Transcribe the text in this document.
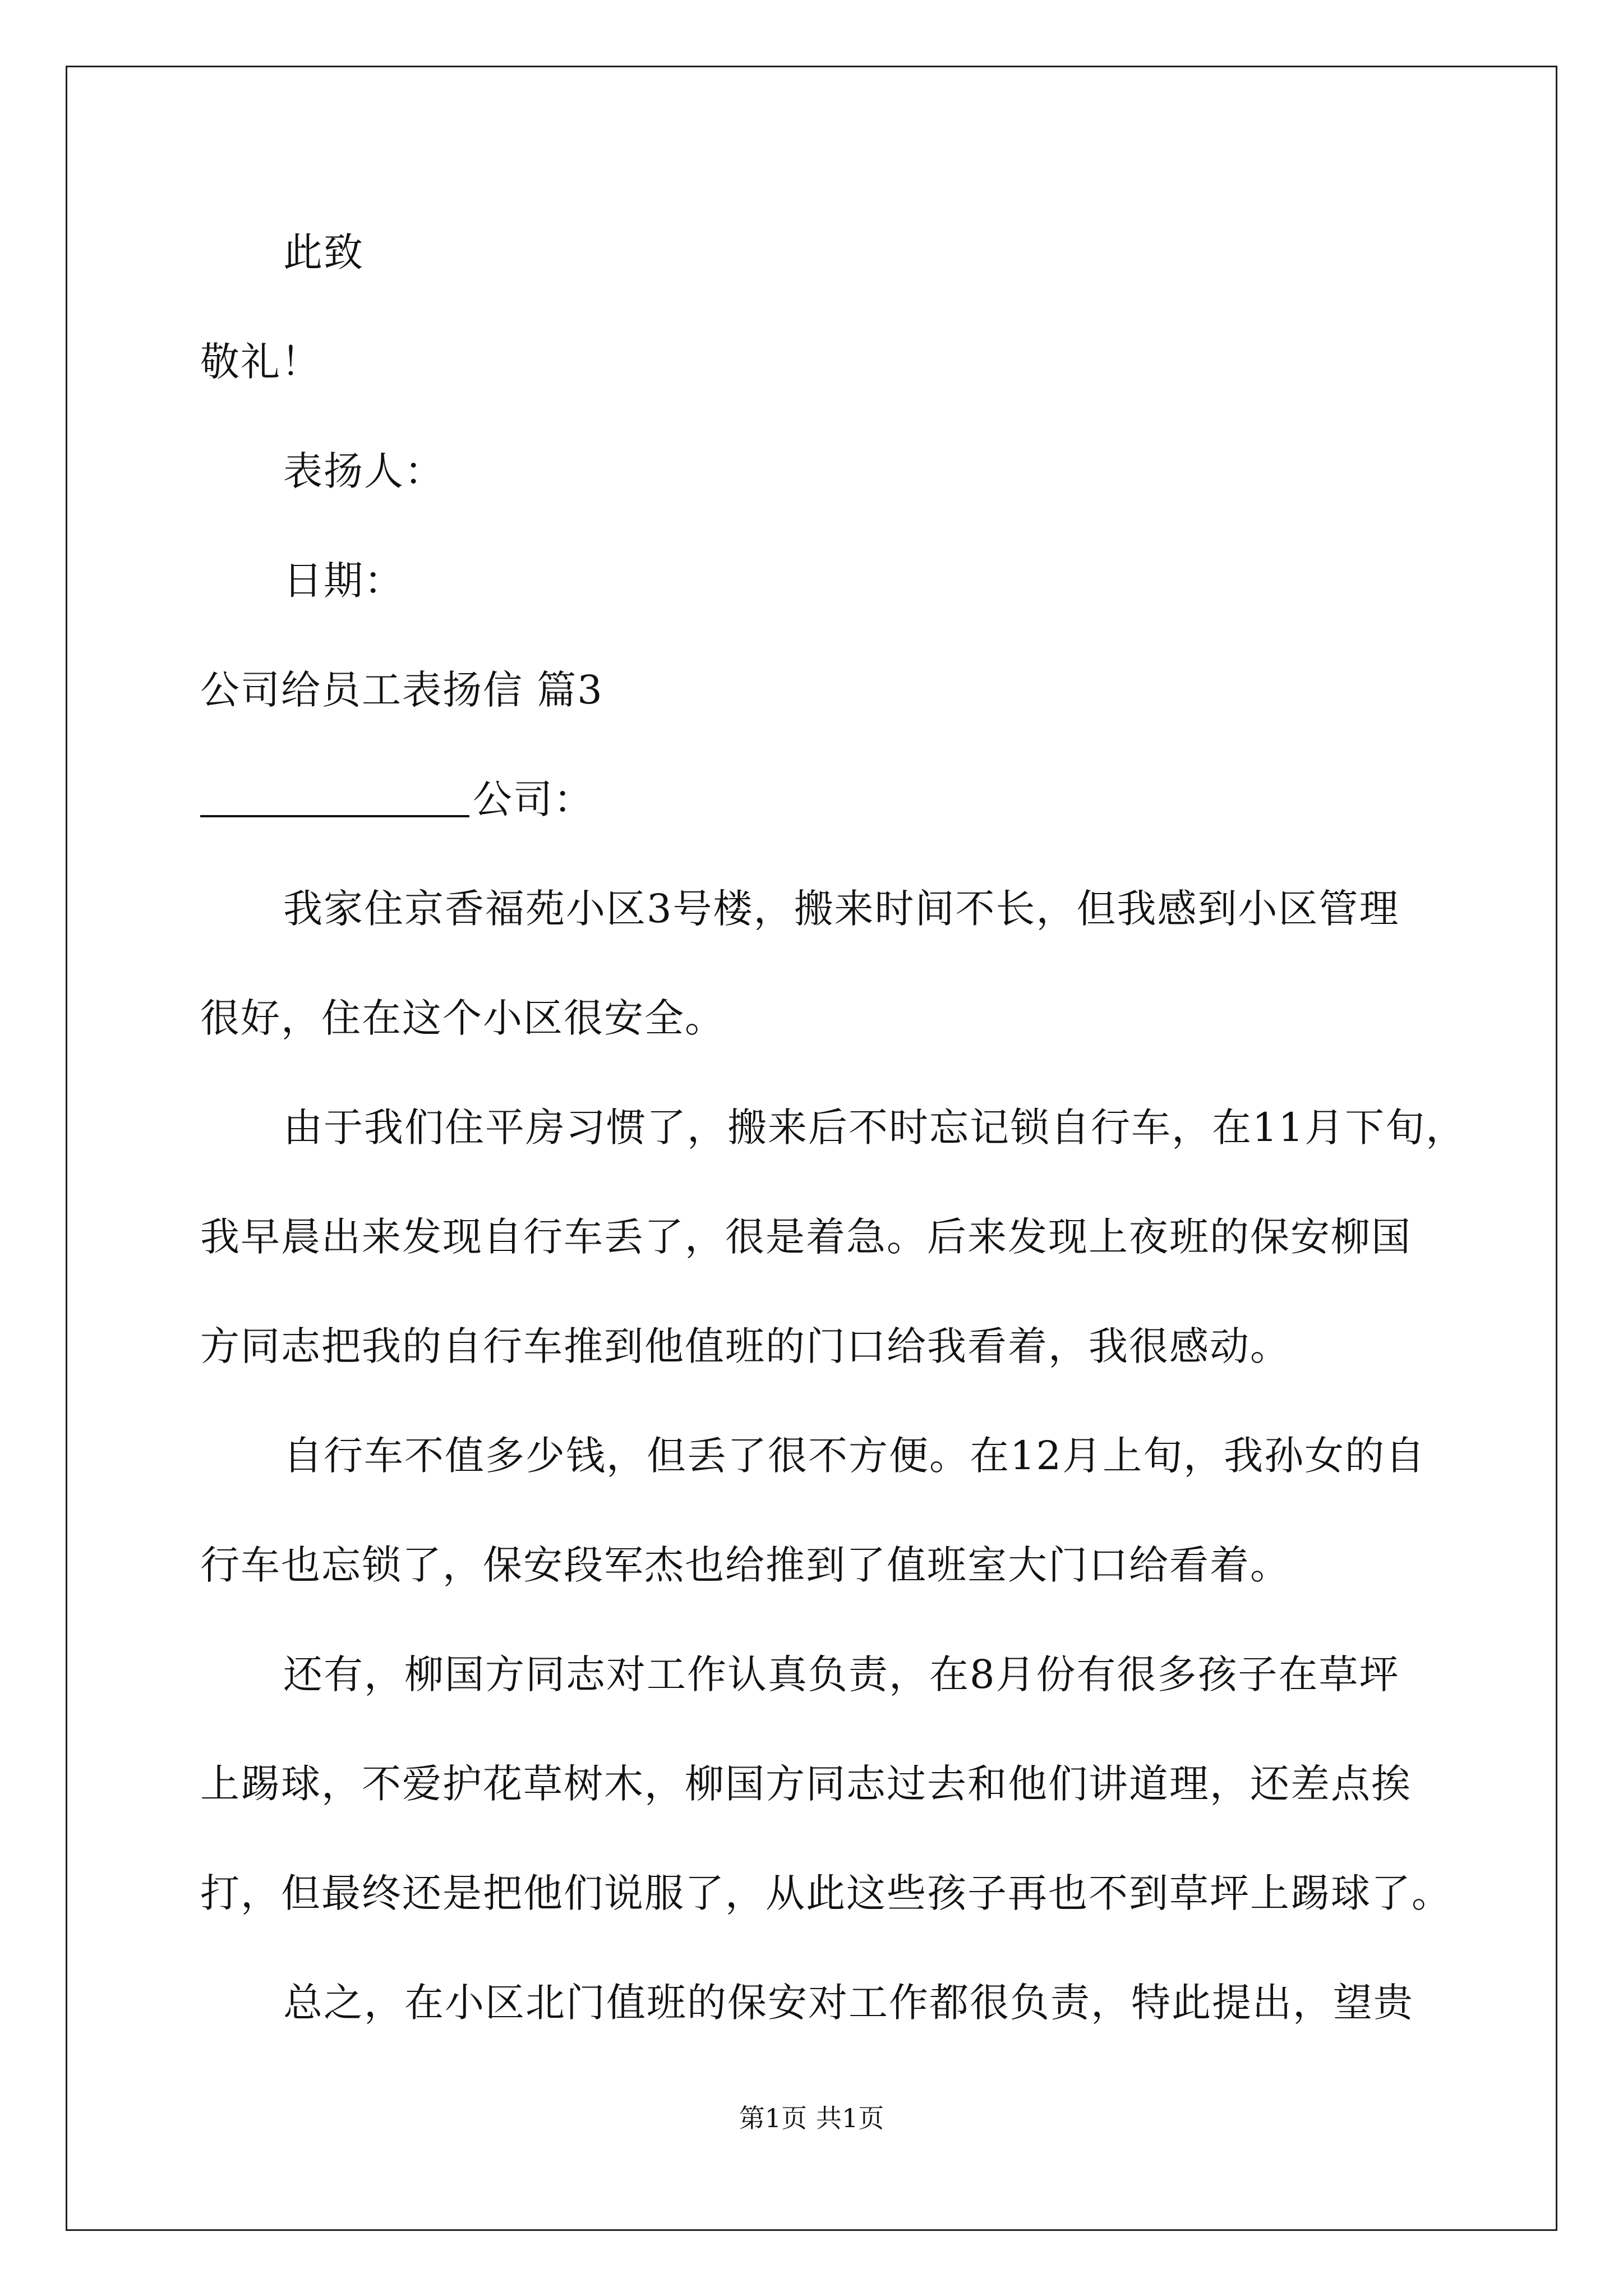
此致
敬礼！
表扬人：
日期：
公司给员工表扬信 篇3
公司：
我家住京香福苑小区3号楼，搬来时间不长，但我感到小区管理
很好，住在这个小区很安全。
由于我们住平房习惯了，搬来后不时忘记锁自行车，在11月下旬，
我早晨出来发现自行车丢了，很是着急。后来发现上夜班的保安柳国
方同志把我的自行车推到他值班的门口给我看着，我很感动。
自行车不值多少钱，但丢了很不方便。在12月上旬，我孙女的自
行车也忘锁了，保安段军杰也给推到了值班室大门口给看着。
还有，柳国方同志对工作认真负责，在8月份有很多孩子在草坪
上踢球，不爱护花草树木，柳国方同志过去和他们讲道理，还差点挨
打，但最终还是把他们说服了，从此这些孩子再也不到草坪上踢球了。
总之，在小区北门值班的保安对工作都很负责，特此提出，望贵
第1页 共1页
